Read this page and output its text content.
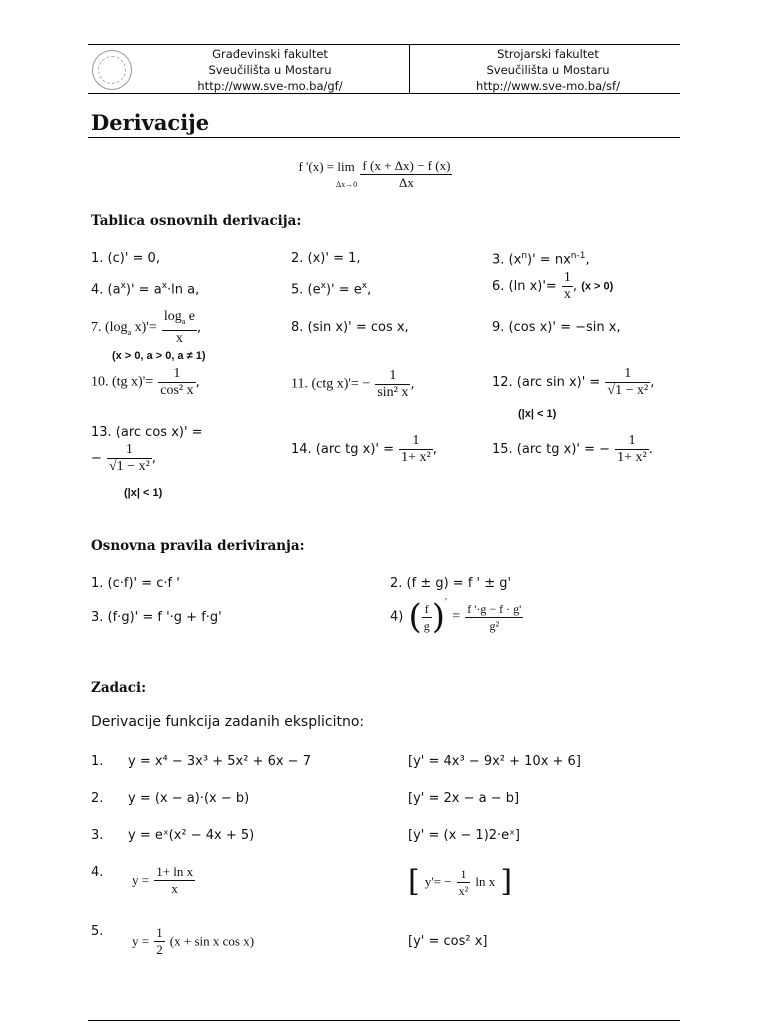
Građevinski fakultet
Sveučilišta u Mostaru
http://www.sve-mo.ba/gf/
Strojarski fakultet
Sveučilišta u Mostaru
http://www.sve-mo.ba/sf/
Derivacije
f '(x) = lim
$\Delta x\to 0 \frac{f (x + \Delta x) - f (x)}{\Delta x}$
Tablica osnovnih derivacija:
1. (c)' = 0,	2. (x)' = 1,	3. $(x^n)' = nx^{n-1}$,
4. $(a^x)' = a^x\cdot\ln$ a,	5. $(e^x)' = e^x$,	6. (ln $x)'= \frac{1}{x}$ , (x > 0)
7. ($\log_a$ $x)'= \frac{\log_a e}{x}$ ,
(x > 0, a > 0, a ≠ 1)
8. (sin x)' = cos x,	9. (cos x)' = −sin x,
10. (tg $x)'= \frac{1}{\text{cos² x}}$ ,	11. (ctg $x)'= - \frac{1}{\text{sin² x}}$ ,	12. (arc $\sin x)' = \frac{1}{\text{√1 − x²}}$ ,
(|x| < 1)
13. (arc cos x)' =
− $\frac{1}{\text{√1 − x²}}$ ,
(|x| < 1)
14. (arc tg $x)' = \frac{1}{\text{1+ x²}}$ ,	15. (arc tg x)' = − $\frac{1}{\text{1+ x²}}$ .
Osnovna pravila deriviranja:
1. (c·f)' = c·f '	2. (f ± g) = f ' ± g'
3. (f·g)' = f '·g + f·g'	4) ( $\frac{f}{g} )' = \frac{f '\cdot g - f \cdot g'}{\text{g²}}$
Zadaci:
Derivacije funkcija zadanih eksplicitno:
1. y = x⁴ − 3x³ + 5x² + 6x − 7	[y' = 4x³ − 9x² + 10x + 6]
2. y = (x − a)·(x − b)	[y' = 2x − a − b]
3. y = eˣ(x² − 4x + 5)	[y' = (x − 1)2·eˣ]
4. $y = \frac{\text{1+ ln x}}{x}$	[ $y'= - \frac{1}{\text{x²}}$ ln x ]
5.
$y = \frac{1}{2} (x + \sin x$ cos x)	[y' = cos² x]
